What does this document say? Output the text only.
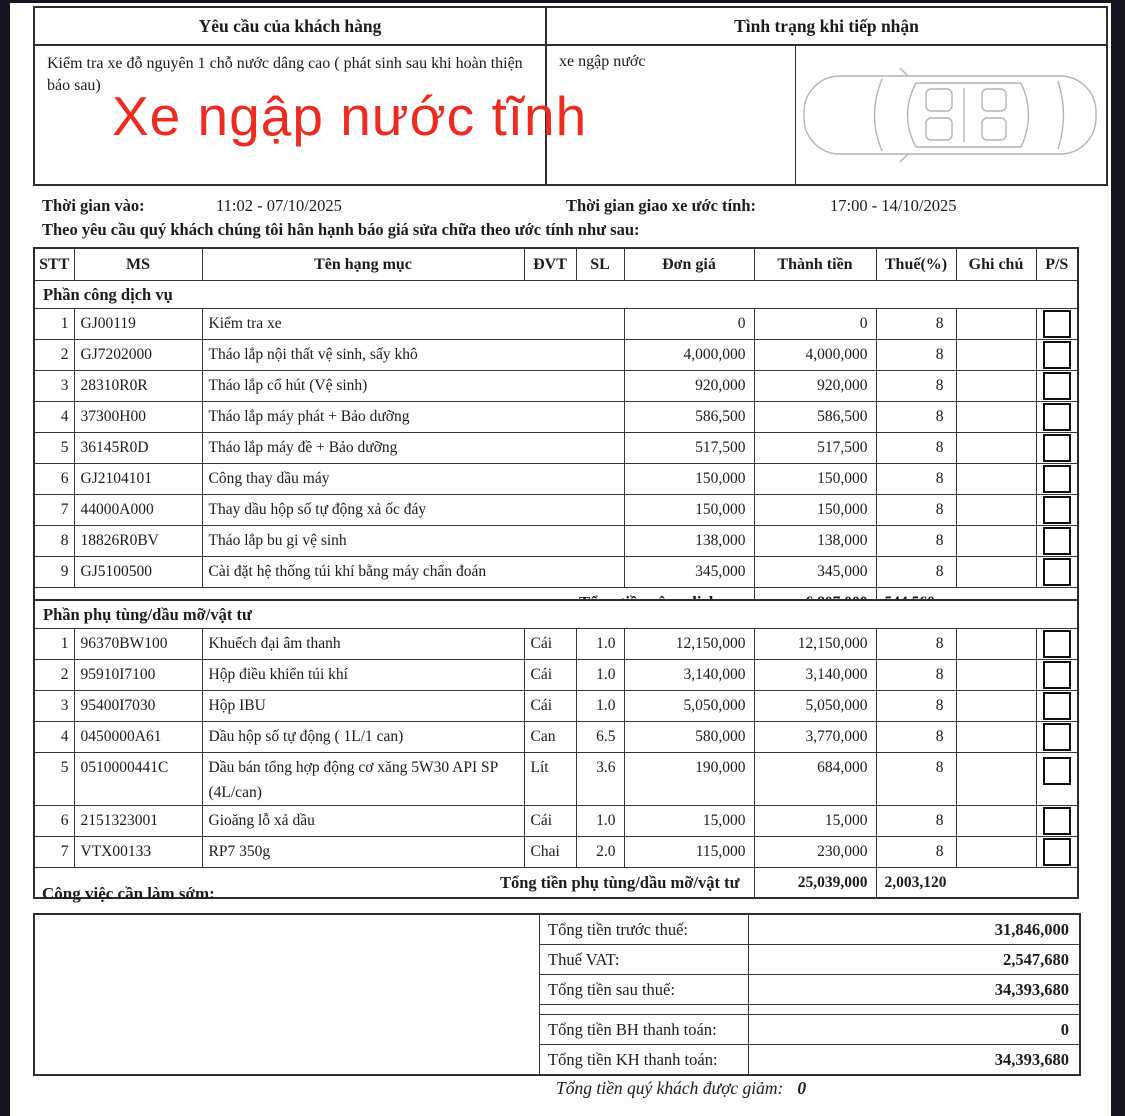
Yêu cầu của khách hàng
Kiểm tra xe đỗ nguyên 1 chỗ nước dâng cao ( phát sinh sau khi hoàn thiện báo sau)
Tình trạng khi tiếp nhận
xe ngập nước
Xe ngập nước tĩnh
Thời gian vào:	11:02 - 07/10/2025	Thời gian giao xe ước tính:	17:00 - 14/10/2025
Theo yêu cầu quý khách chúng tôi hân hạnh báo giá sửa chữa theo ước tính như sau:
STT	MS	Tên hạng mục	ĐVT	SL	Đơn giá	Thành tiền	Thuế(%)	Ghi chú	P/S
Phần công dịch vụ									
1	GJ00119	Kiểm tra xe			0	0	8		

2	GJ7202000	Tháo lắp nội thất vệ sinh, sấy khô			4,000,000	4,000,000	8		

3	28310R0R	Tháo lắp cổ hút (Vệ sinh)			920,000	920,000	8		

4	37300H00	Tháo lắp máy phát + Bảo dưỡng			586,500	586,500	8		

5	36145R0D	Tháo lắp máy đề + Bảo dưỡng			517,500	517,500	8		

6	GJ2104101	Công thay dầu máy			150,000	150,000	8		

7	44000A000	Thay dầu hộp số tự động xả ốc đáy			150,000	150,000	8		

8	18826R0BV	Tháo lắp bu gi vệ sinh			138,000	138,000	8		

9	GJ5100500	Cài đặt hệ thống túi khí bằng máy chẩn đoán			345,000	345,000	8		

Phần phụ tùng/dầu mỡ/vật tư									
1	96370BW100	Khuếch đại âm thanh	Cái	1.0	12,150,000	12,150,000	8		

2	95910I7100	Hộp điều khiển túi khí	Cái	1.0	3,140,000	3,140,000	8		

3	95400I7030	Hộp IBU	Cái	1.0	5,050,000	5,050,000	8		

4	0450000A61	Dầu hộp số tự động ( 1L/1 can)	Can	6.5	580,000	3,770,000	8		

5	0510000441C	Dầu bán tổng hợp động cơ xăng 5W30 API SP (4L/can)	Lít	3.6	190,000	684,000	8		

6	2151323001	Gioăng lỗ xả dầu	Cái	1.0	15,000	15,000	8		

7	VTX00133	RP7 350g	Chai	2.0	115,000	230,000	8		

Tổng tiền phụ tùng/dầu mỡ/vật tư						25,039,000	2,003,120		
Công việc cần làm sớm:
Tổng tiền trước thuế:	31,846,000
Thuế VAT:	2,547,680
Tổng tiền sau thuế:	34,393,680
Tổng tiền BH thanh toán:	0
Tổng tiền KH thanh toán:	34,393,680
Tổng tiền quý khách được giảm: 0
